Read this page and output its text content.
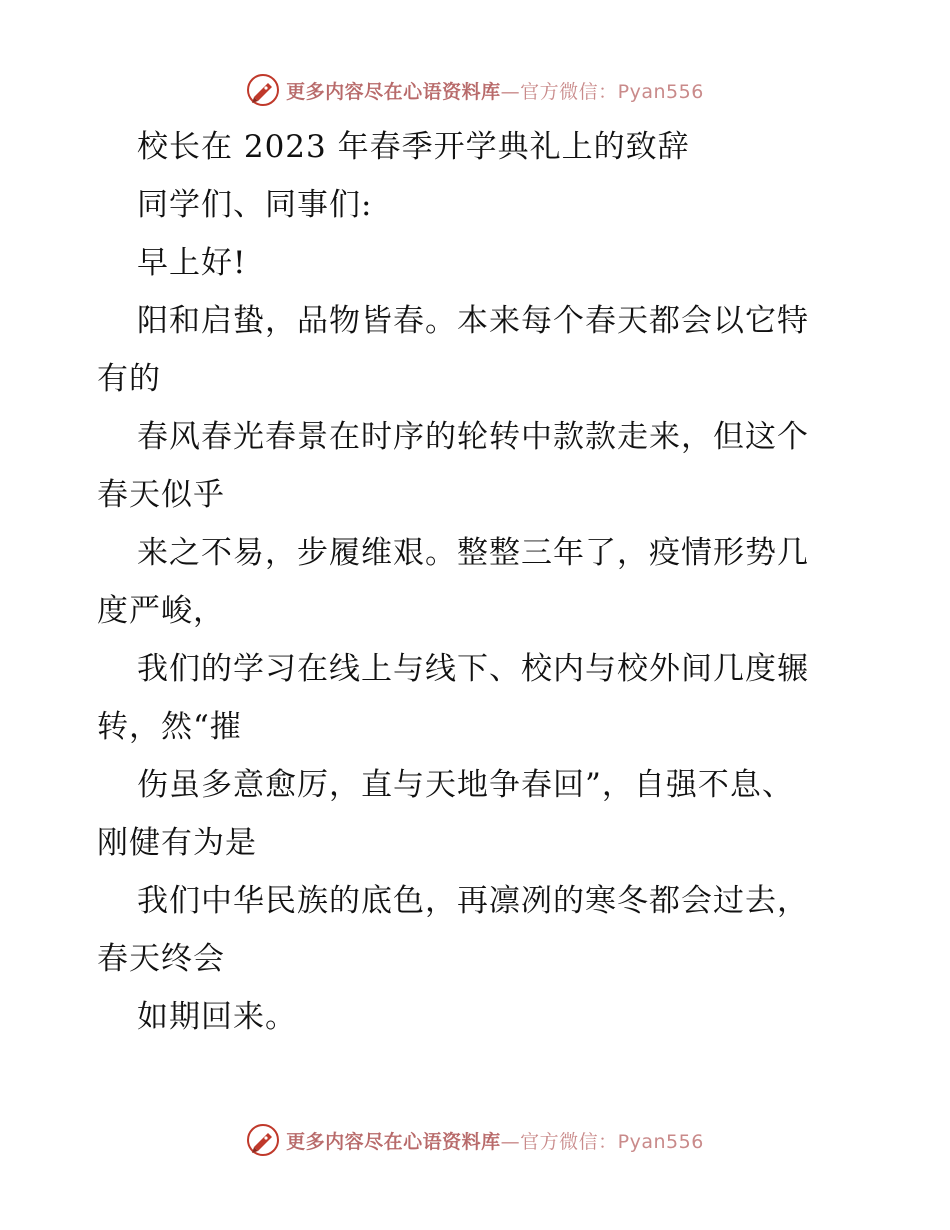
更多内容尽在心语资料库—官方微信：Pyan556
校长在 2023 年春季开学典礼上的致辞
同学们、同事们:
早上好!
阳和启蛰，品物皆春。本来每个春天都会以它特
有的
春风春光春景在时序的轮转中款款走来，但这个
春天似乎
来之不易，步履维艰。整整三年了，疫情形势几
度严峻，
我们的学习在线上与线下、校内与校外间几度辗
转，然“摧
伤虽多意愈厉，直与天地争春回”，自强不息、
刚健有为是
我们中华民族的底色，再凛冽的寒冬都会过去，
春天终会
如期回来。
更多内容尽在心语资料库—官方微信：Pyan556
